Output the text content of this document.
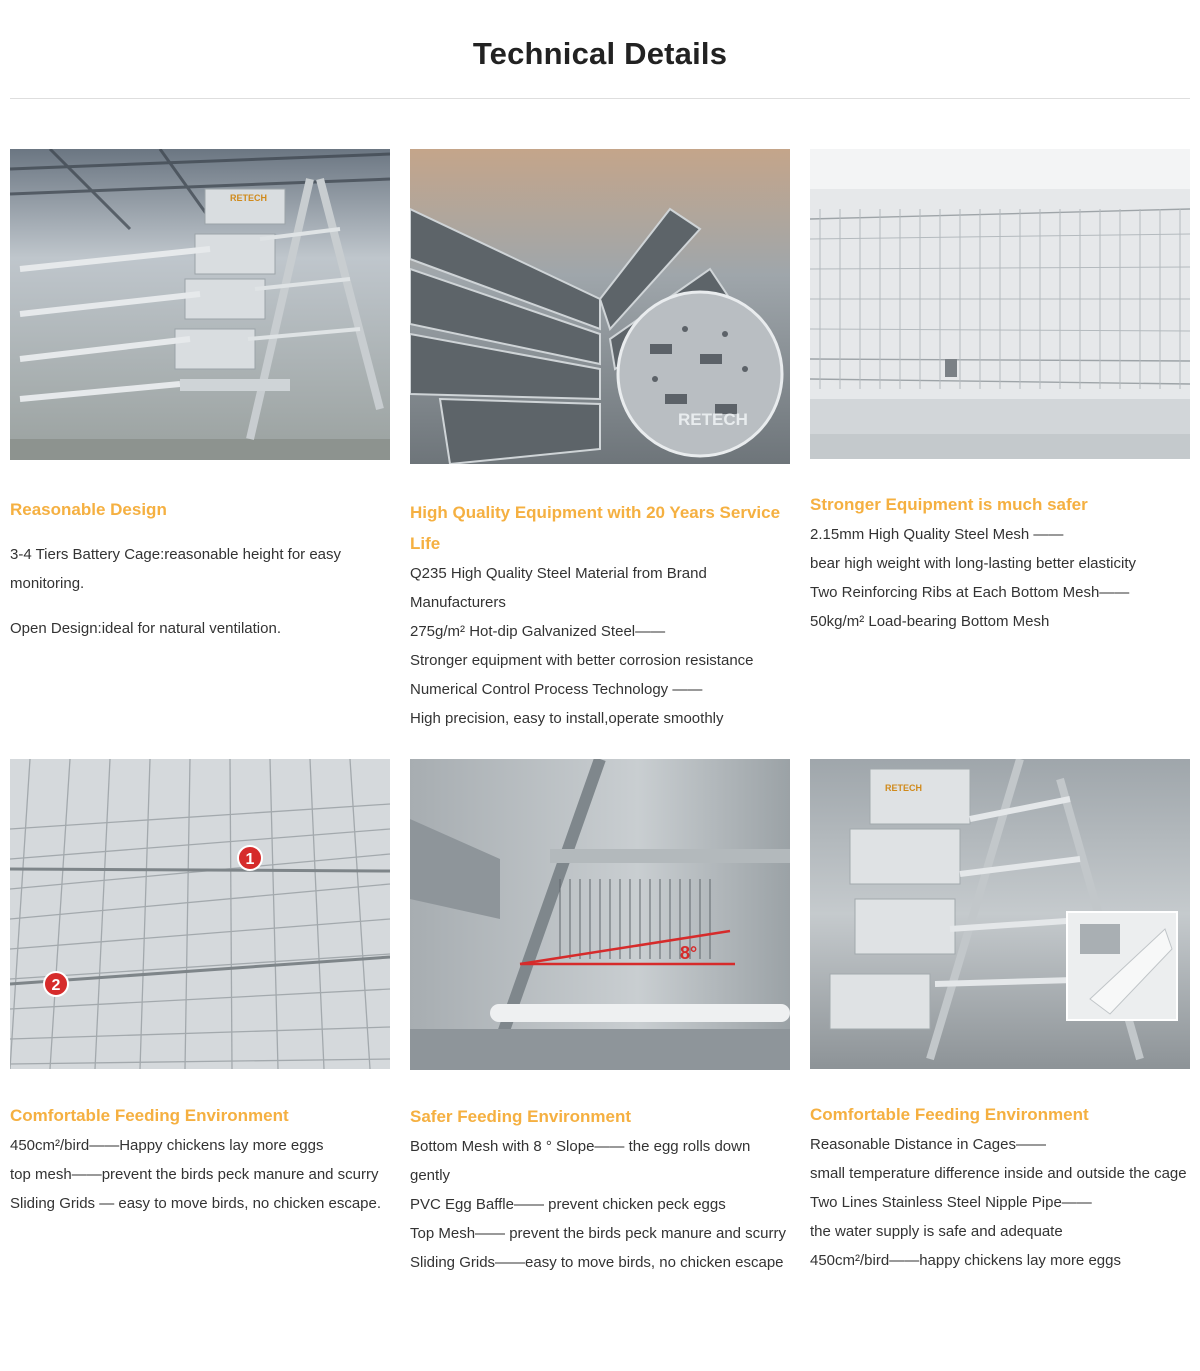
Technical Details
RETECH
Reasonable Design

3-4 Tiers Battery Cage:reasonable height for easy monitoring.

Open Design:ideal for natural ventilation.

RETECH
High Quality Equipment with 20 Years Service Life

Q235 High Quality Steel Material from Brand Manufacturers

275g/m² Hot-dip Galvanized Steel——

Stronger equipment with better corrosion resistance

Numerical Control Process Technology ——

High precision, easy to install,operate smoothly

Stronger Equipment is much safer

2.15mm High Quality Steel Mesh ——

bear high weight with long-lasting better elasticity

Two Reinforcing Ribs at Each Bottom Mesh——

50kg/m² Load-bearing Bottom Mesh

1
2
Comfortable Feeding Environment

450cm²/bird——Happy chickens lay more eggs

top mesh——prevent the birds peck manure and scurry

Sliding Grids — easy to move birds, no chicken escape.

8°
Safer Feeding Environment

Bottom Mesh with 8 ° Slope—— the egg rolls down gently

PVC Egg Baffle—— prevent chicken peck eggs

Top Mesh—— prevent the birds peck manure and scurry

Sliding Grids——easy to move birds, no chicken escape

RETECH
Comfortable Feeding Environment

Reasonable Distance in Cages——

small temperature difference inside and outside the cage

Two Lines Stainless Steel Nipple Pipe——

the water supply is safe and adequate

450cm²/bird——happy chickens lay more eggs
